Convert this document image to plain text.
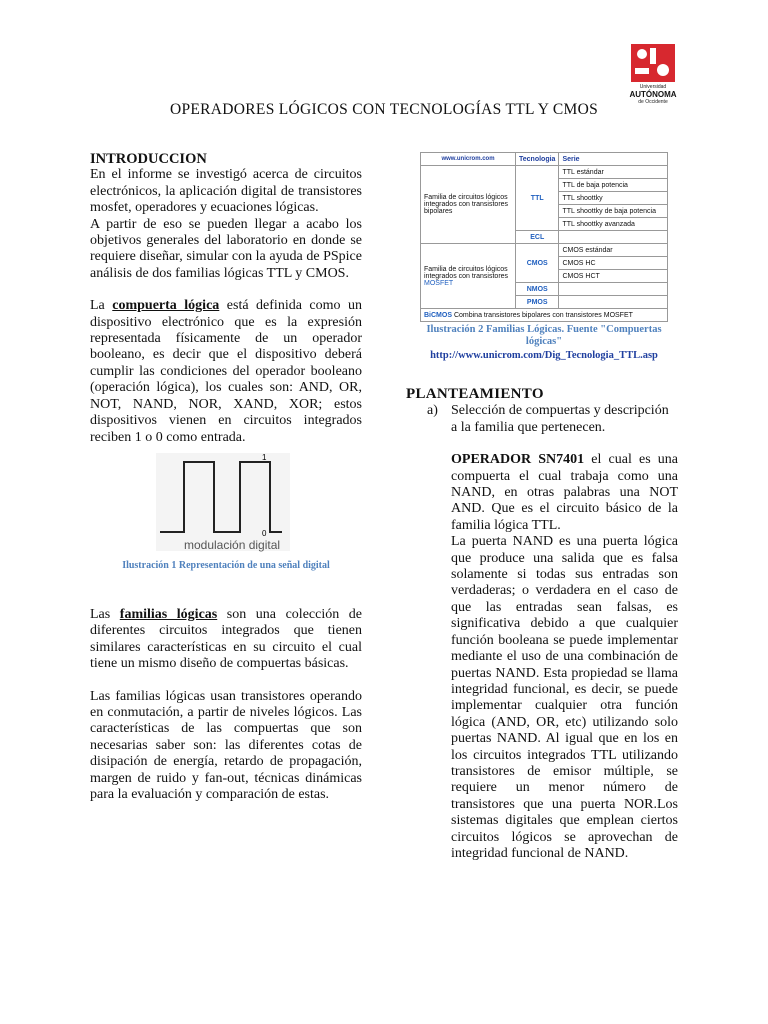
Universidad
AUTÓNOMA
de Occidente
OPERADORES LÓGICOS CON TECNOLOGÍAS TTL Y CMOS

INTRODUCCION

En el informe se investigó acerca de circuitos electrónicos, la aplicación digital de transistores mosfet, operadores y ecuaciones lógicas.

A partir de eso se pueden llegar a acabo los objetivos generales del laboratorio en donde se requiere diseñar, simular con la ayuda de PSpice análisis de dos familias lógicas TTL y CMOS.

La compuerta lógica está definida como un dispositivo electrónico que es la expresión representada físicamente de un operador booleano, es decir que el dispositivo deberá cumplir las condiciones del operador booleano (operación lógica), los cuales son: AND, OR, NOT, NAND, NOR, XAND, XOR; estos dispositivos vienen en circuitos integrados reciben 1 o 0 como entrada.

1
0
modulación digital
Ilustración 1 Representación de una señal digital

Las familias lógicas son una colección de diferentes circuitos integrados que tienen similares características en su circuito el cual tiene un mismo diseño de compuertas básicas.

Las familias lógicas usan transistores operando en conmutación, a partir de niveles lógicos. Las características de las compuertas que son necesarias saber son: las diferentes cotas de disipación de energía, retardo de propagación, margen de ruido y fan-out, técnicas dinámicas para la evaluación y comparación de estas.

www.unicrom.com	Tecnologia	Serie
Familia de circuitos lógicos integrados con transistores bipolares	TTL	TTL estándar
		TTL de baja potencia
		TTL shoottky
		TTL shoottky de baja potencia
		TTL shoottky avanzada
	ECL	
Familia de circuitos lógicos integrados con transistores MOSFET	CMOS	CMOS estándar
		CMOS HC
		CMOS HCT
	NMOS	
	PMOS	
BiCMOS Combina transistores bipolares con transistores MOSFET		
Ilustración 2 Familias Lógicas. Fuente "Compuertas lógicas"
http://www.unicrom.com/Dig_Tecnologia_TTL.asp

PLANTEAMIENTO

a) Selección de compuertas y descripción a la familia que pertenecen.

OPERADOR SN7401 el cual es una compuerta el cual trabaja como una NAND, en otras palabras una NOT AND. Que es el circuito básico de la familia lógica TTL.

La puerta NAND es una puerta lógica que produce una salida que es falsa solamente si todas sus entradas son verdaderas; o verdadera en el caso de que las entradas sean falsas, es significativa debido a que cualquier función booleana se puede implementar mediante el uso de una combinación de puertas NAND. Esta propiedad se llama integridad funcional, es decir, se puede implementar cualquier otra función lógica (AND, OR, etc) utilizando solo puertas NAND. Al igual que en los en los circuitos integrados TTL utilizando transistores de emisor múltiple, se requiere un menor número de transistores que una puerta NOR.Los sistemas digitales que emplean ciertos circuitos lógicos se aprovechan de integridad funcional de NAND.
